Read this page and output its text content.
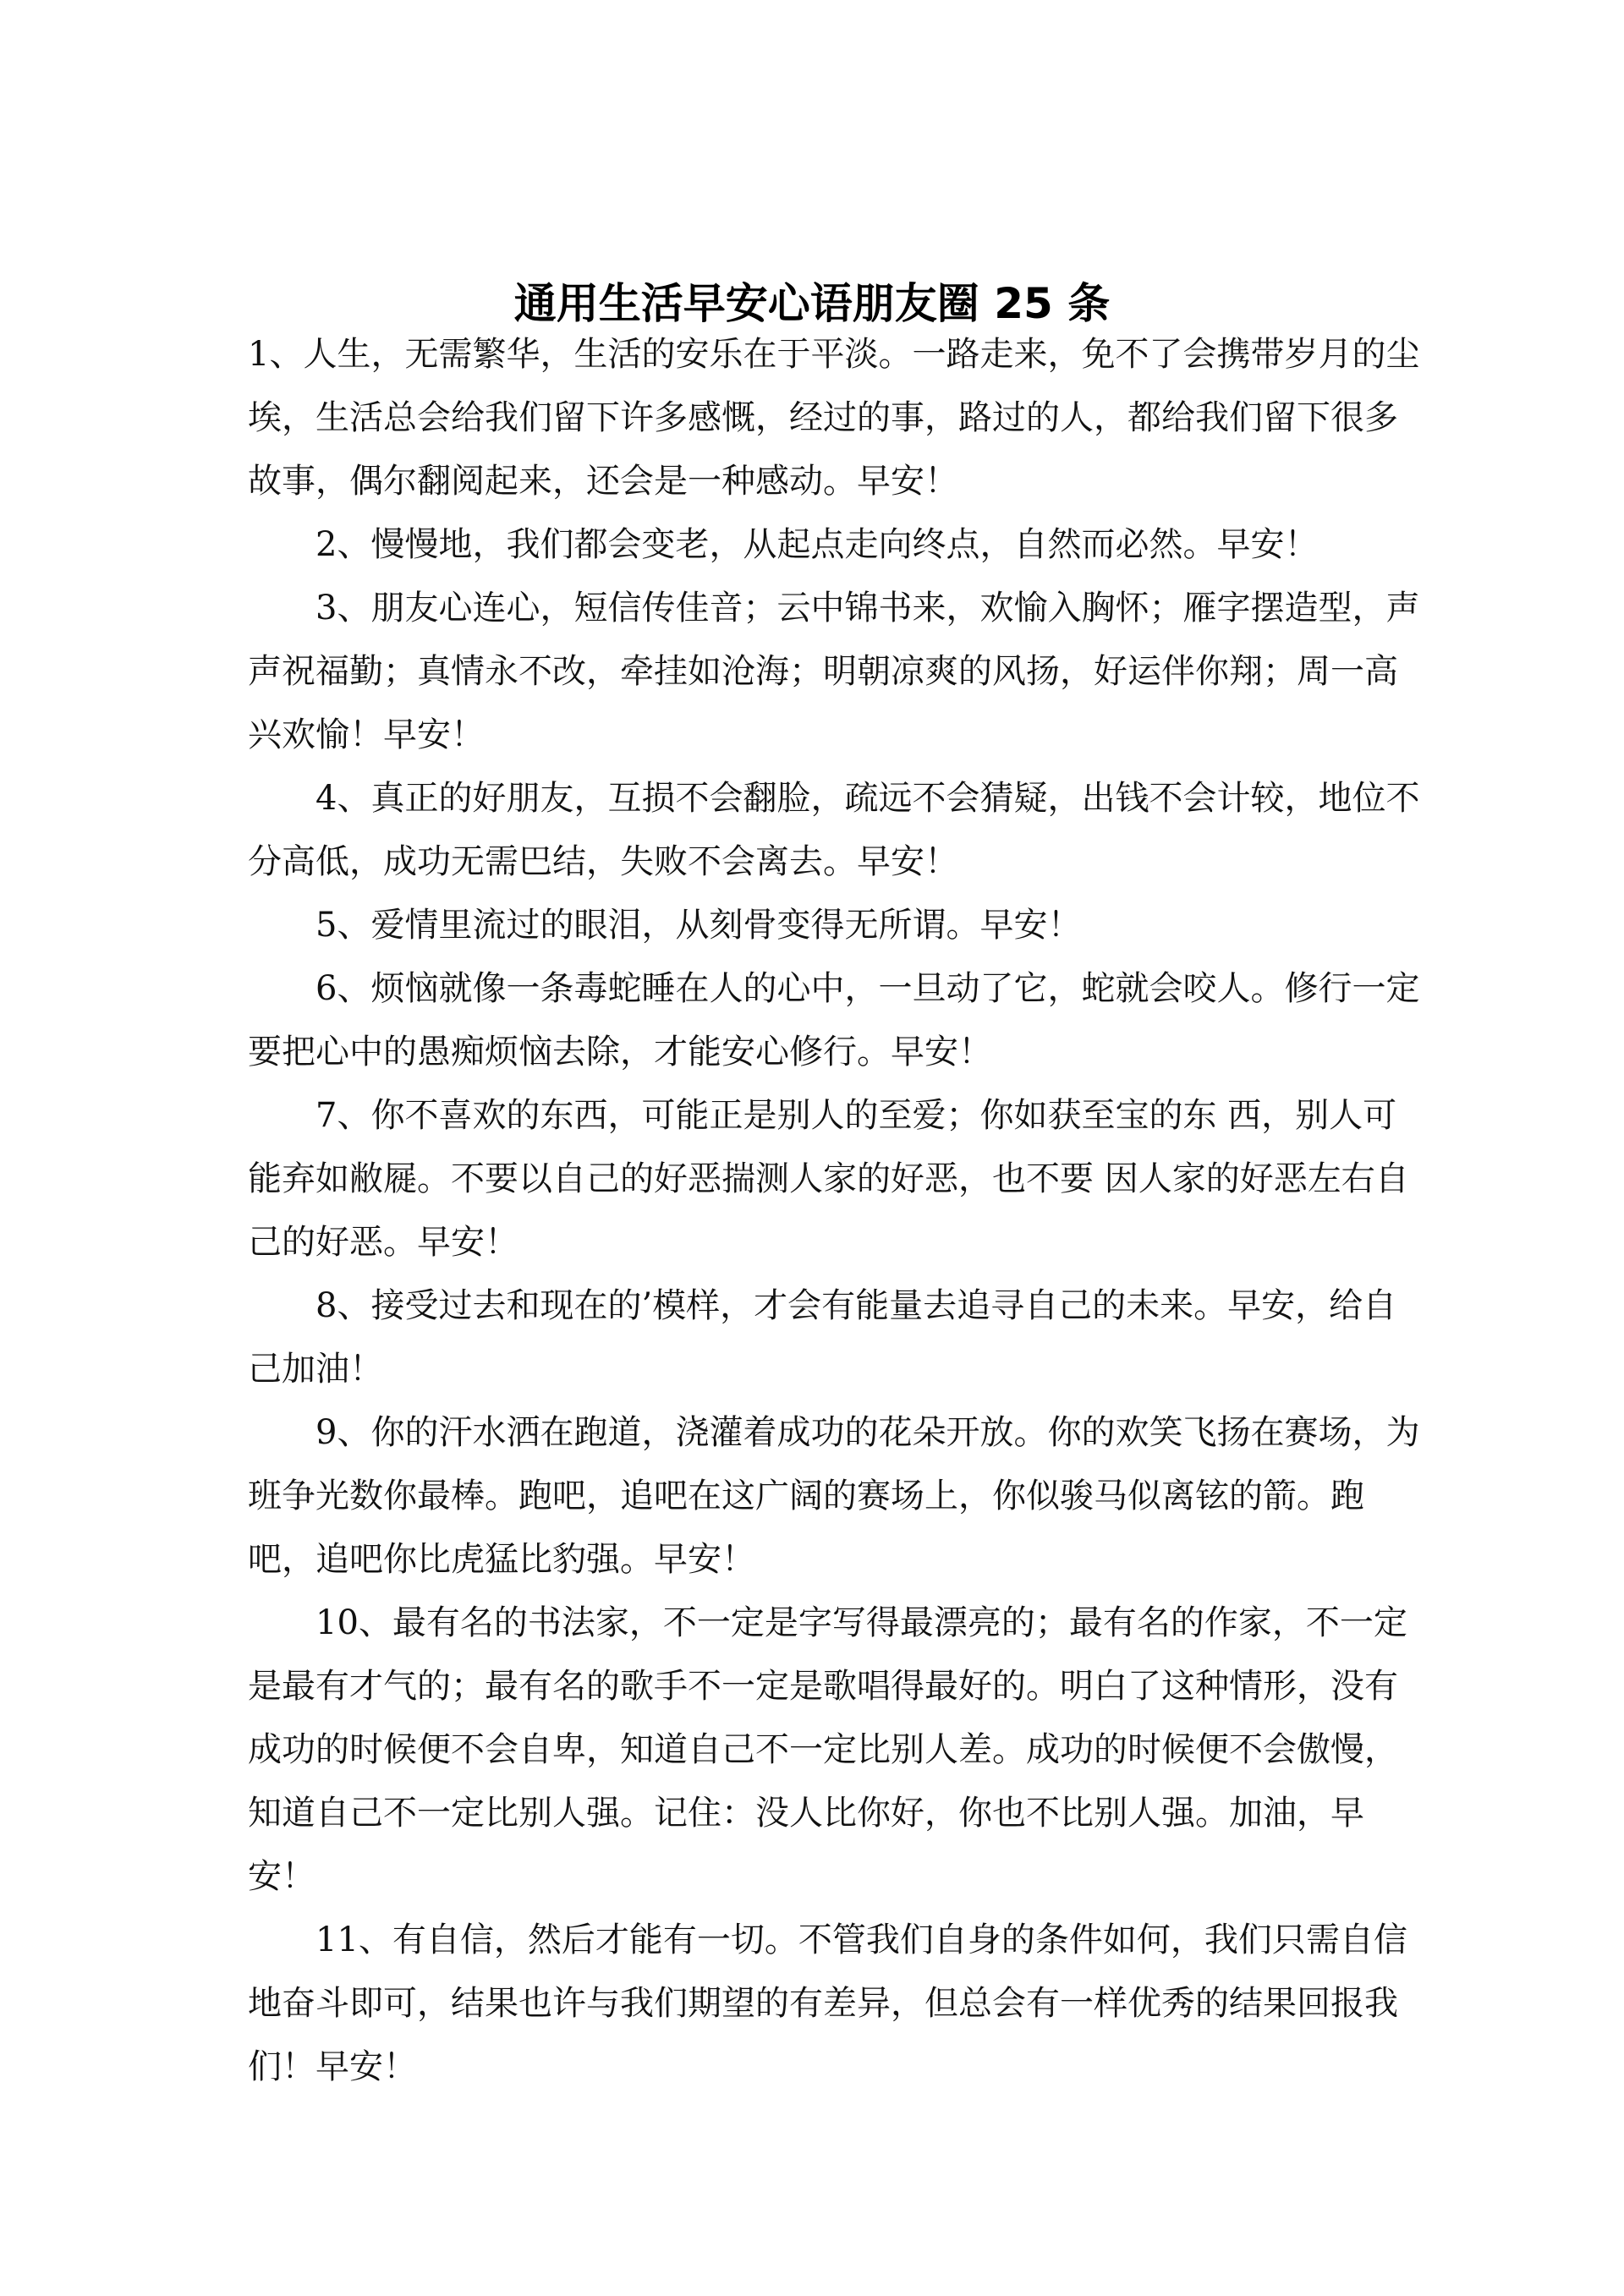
通用生活早安心语朋友圈 25 条
1、人生，无需繁华，生活的安乐在于平淡。一路走来，免不了会携带岁月的尘
埃，生活总会给我们留下许多感慨，经过的事，路过的人，都给我们留下很多
故事，偶尔翻阅起来，还会是一种感动。早安！
2、慢慢地，我们都会变老，从起点走向终点，自然而必然。早安！
3、朋友心连心，短信传佳音；云中锦书来，欢愉入胸怀；雁字摆造型，声
声祝福勤；真情永不改，牵挂如沧海；明朝凉爽的风扬，好运伴你翔；周一高
兴欢愉！早安！
4、真正的好朋友，互损不会翻脸，疏远不会猜疑，出钱不会计较，地位不
分高低，成功无需巴结，失败不会离去。早安！
5、爱情里流过的眼泪，从刻骨变得无所谓。早安！
6、烦恼就像一条毒蛇睡在人的心中，一旦动了它，蛇就会咬人。修行一定
要把心中的愚痴烦恼去除，才能安心修行。早安！
7、你不喜欢的东西，可能正是别人的至爱；你如获至宝的东 西，别人可
能弃如敝屣。不要以自己的好恶揣测人家的好恶，也不要 因人家的好恶左右自
己的好恶。早安！
8、接受过去和现在的’模样，才会有能量去追寻自己的未来。早安，给自
己加油！
9、你的汗水洒在跑道，浇灌着成功的花朵开放。你的欢笑飞扬在赛场，为
班争光数你最棒。跑吧，追吧在这广阔的赛场上，你似骏马似离铉的箭。跑
吧，追吧你比虎猛比豹强。早安！
10、最有名的书法家，不一定是字写得最漂亮的；最有名的作家，不一定
是最有才气的；最有名的歌手不一定是歌唱得最好的。明白了这种情形，没有
成功的时候便不会自卑，知道自己不一定比别人差。成功的时候便不会傲慢，
知道自己不一定比别人强。记住：没人比你好，你也不比别人强。加油，早
安！
11、有自信，然后才能有一切。不管我们自身的条件如何，我们只需自信
地奋斗即可，结果也许与我们期望的有差异，但总会有一样优秀的结果回报我
们！早安！
